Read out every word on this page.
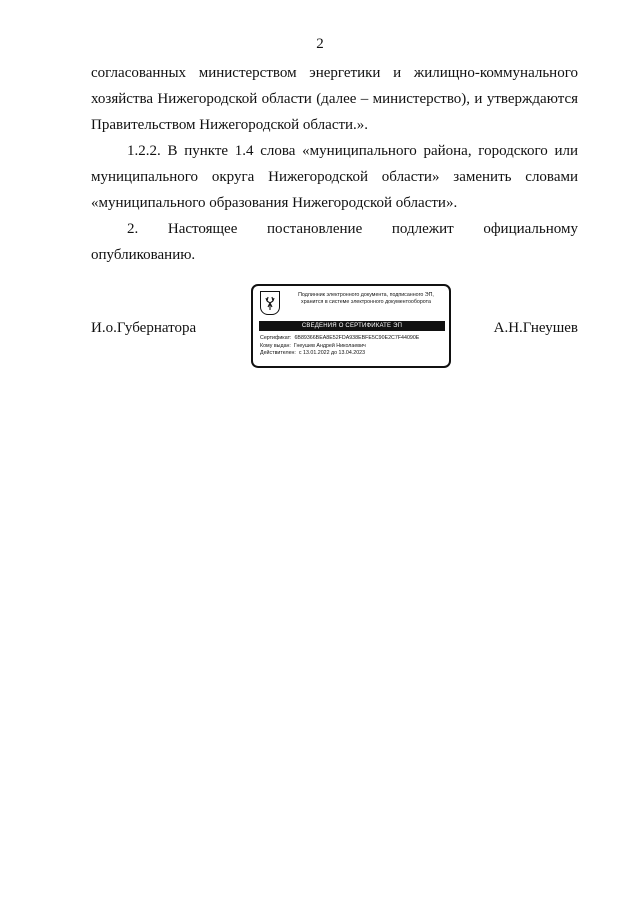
2

согласованных министерством энергетики и жилищно-коммунального

хозяйства Нижегородской области (далее – министерство), и утверждаются

Правительством Нижегородской области.».

1.2.2. В пункте 1.4 слова «муниципального района, городского или

муниципального округа Нижегородской области» заменить словами

«муниципального образования Нижегородской области».

2. Настоящее постановление подлежит официальному

опубликованию.

И.о.Губернатора	А.Н.Гнеушев
Подлинник электронного документа, подписанного ЭП,
хранится в системе электронного документооборота
СВЕДЕНИЯ О СЕРТИФИКАТЕ ЭП
Сертификат: 6B89366BEA8E52FDA938EBFE5C90E2C7F44090E
Кому выдан: Гнеушев Андрей Николаевич
Действителен: с 13.01.2022 до 13.04.2023
